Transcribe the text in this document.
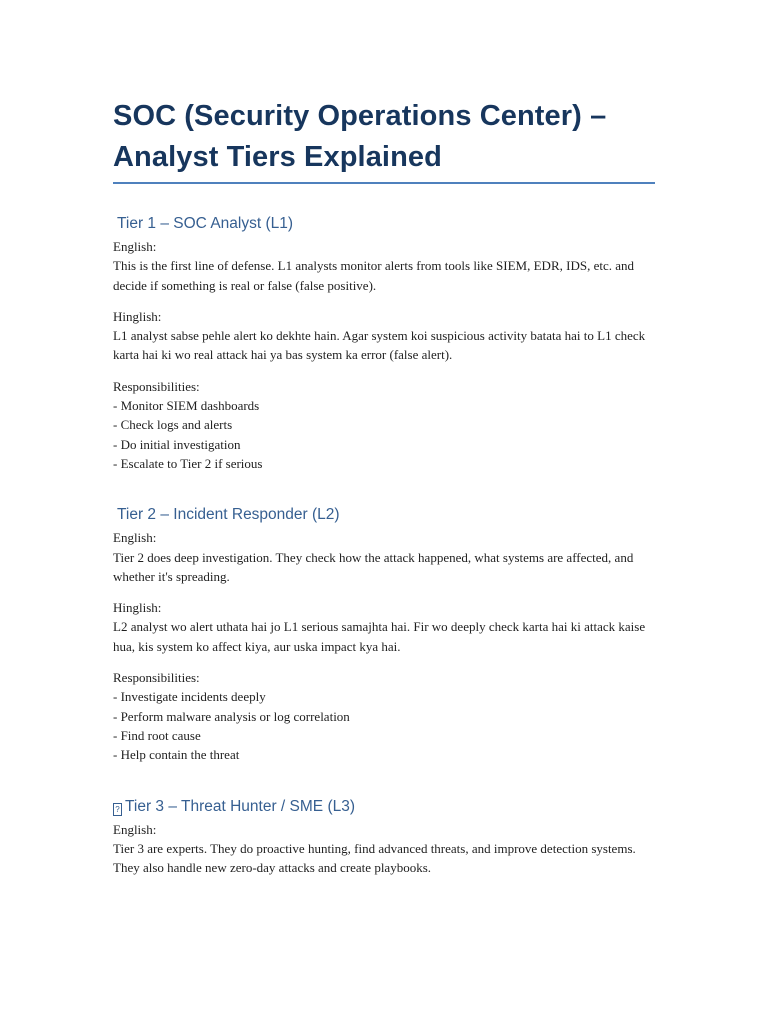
SOC (Security Operations Center) – Analyst Tiers Explained
Tier 1 – SOC Analyst (L1)

English:

This is the first line of defense. L1 analysts monitor alerts from tools like SIEM, EDR, IDS, etc. and decide if something is real or false (false positive).

Hinglish:

L1 analyst sabse pehle alert ko dekhte hain. Agar system koi suspicious activity batata hai to L1 check karta hai ki wo real attack hai ya bas system ka error (false alert).

Responsibilities:

- Monitor SIEM dashboards
- Check logs and alerts
- Do initial investigation
- Escalate to Tier 2 if serious
Tier 2 – Incident Responder (L2)

English:

Tier 2 does deep investigation. They check how the attack happened, what systems are affected, and whether it's spreading.

Hinglish:

L2 analyst wo alert uthata hai jo L1 serious samajhta hai. Fir wo deeply check karta hai ki attack kaise hua, kis system ko affect kiya, aur uska impact kya hai.

Responsibilities:

- Investigate incidents deeply
- Perform malware analysis or log correlation
- Find root cause
- Help contain the threat
? Tier 3 – Threat Hunter / SME (L3)

English:

Tier 3 are experts. They do proactive hunting, find advanced threats, and improve detection systems. They also handle new zero-day attacks and create playbooks.
